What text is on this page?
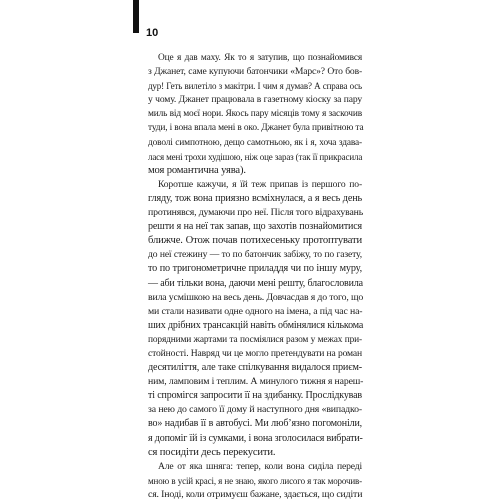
10

Оце я дав маху. Як то я затупив, що познайомився
з Джанет, саме купуючи батончики «Марс»? Ото бов-
дур! Геть вилетіло з макітри. І чим я думав? А справа ось
у чому. Джанет працювала в газетному кіоску за пару
миль від моєї нори. Якось пару місяців тому я заскочив
туди, і вона впала мені в око. Джанет була привітною та
доволі симпотною, дещо самотньою, як і я, хоча здава-
лася мені трохи худішою, ніж оце зараз (так її прикрасила
моя романтична уява).

Коротше кажучи, я їй теж припав із першого по-
гляду, тож вона приязно всміхнулася, а я весь день
протинявся, думаючи про неї. Після того відрахувань
решти я на неї так запав, що захотів познайомитися
ближче. Отож почав потихесеньку протоптувати
до неї стежину — то по батончик забіжу, то по газету,
то по тригонометричне приладдя чи по іншу муру,
— аби тільки вона, даючи мені решту, благословила
вила усмішкою на весь день. Довчасдав я до того, що
ми стали називати одне одного на імена, а під час на-
ших дрібних трансакцій навіть обмінялися кількома
порядними жартами та посміялися разом у межах при-
стойності. Навряд чи це могло претендувати на роман
десятиліття, але таке спілкування видалося приєм-
ним, ламповим і теплим. А минулого тижня я нареш-
ті спромігся запросити її на здибанку. Прослідкував
за нею до самого її дому й наступного дня «випадко-
во» надибав її в автобусі. Ми любʼязно погомоніли,
я допоміг їй із сумками, і вона зголосилася вибрати-
ся посидіти десь перекусити.

Але от яка шняга: тепер, коли вона сиділа переді
мною в усій красі, я не знаю, якого лисого я так морочив-
ся. Іноді, коли отримуєш бажане, здається, що сидіти
